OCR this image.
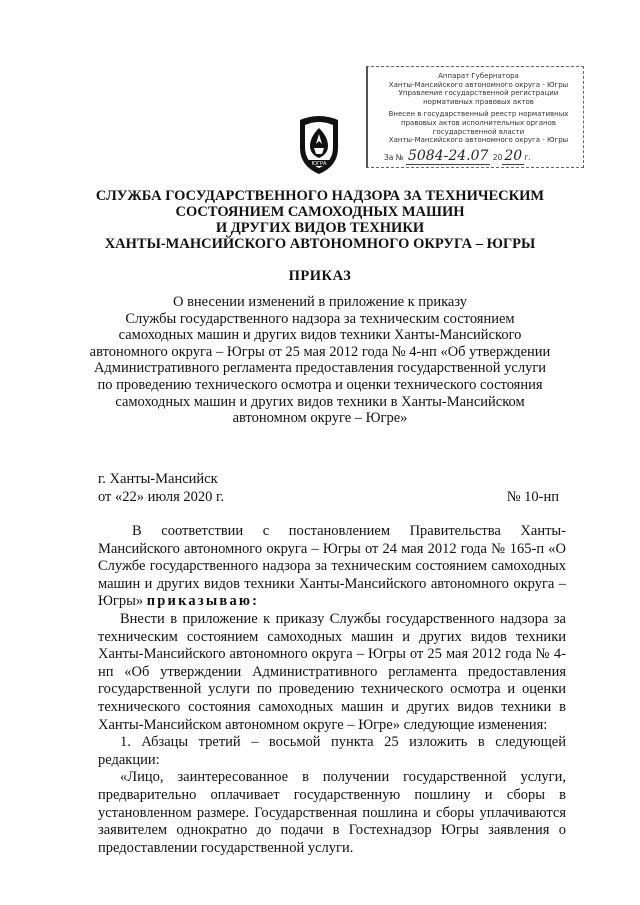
Аппарат Губернатора
Ханты-Мансийского автономного округа - Югры
Управление государственной регистрации
нормативных правовых актов
Внесен в государственный реестр нормативных
правовых актов исполнительных органов
государственной власти
Ханты-Мансийского автономного округа - Югры
За № 5084-24.07 20 20 г.
ЮГРА
СЛУЖБА ГОСУДАРСТВЕННОГО НАДЗОРА ЗА ТЕХНИЧЕСКИМ
СОСТОЯНИЕМ САМОХОДНЫХ МАШИН
И ДРУГИХ ВИДОВ ТЕХНИКИ
ХАНТЫ-МАНСИЙСКОГО АВТОНОМНОГО ОКРУГА – ЮГРЫ
ПРИКАЗ
О внесении изменений в приложение к приказу
Службы государственного надзора за техническим состоянием
самоходных машин и других видов техники Ханты-Мансийского
автономного округа – Югры от 25 мая 2012 года № 4-нп «Об утверждении
Административного регламента предоставления государственной услуги
по проведению технического осмотра и оценки технического состояния
самоходных машин и других видов техники в Ханты-Мансийском
автономном округе – Югре»
г. Ханты-Мансийск
от «22» июля 2020 г.	№ 10-нп

В соответствии с постановлением Правительства Ханты-Мансийского автономного округа – Югры от 24 мая 2012 года № 165-п «О Службе государственного надзора за техническим состоянием самоходных машин и других видов техники Ханты-Мансийского автономного округа – Югры» приказываю:

Внести в приложение к приказу Службы государственного надзора за техническим состоянием самоходных машин и других видов техники Ханты-Мансийского автономного округа – Югры от 25 мая 2012 года № 4-нп «Об утверждении Административного регламента предоставления государственной услуги по проведению технического осмотра и оценки технического состояния самоходных машин и других видов техники в Ханты-Мансийском автономном округе – Югре» следующие изменения:

1. Абзацы третий – восьмой пункта 25 изложить в следующей редакции:

«Лицо, заинтересованное в получении государственной услуги, предварительно оплачивает государственную пошлину и сборы в установленном размере. Государственная пошлина и сборы уплачиваются заявителем однократно до подачи в Гостехнадзор Югры заявления о предоставлении государственной услуги.
